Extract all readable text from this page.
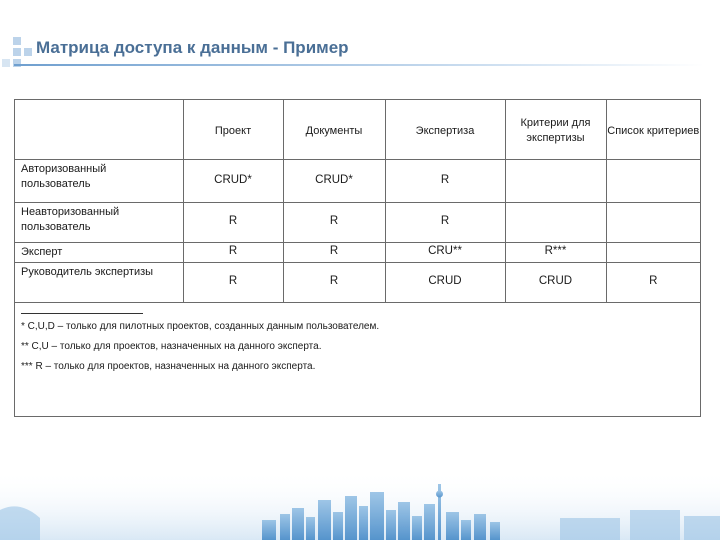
Матрица доступа к данным - Пример
	Проект	Документы	Экспертиза	Критерии для экспертизы	Список критериев
Авторизованный пользователь	CRUD*	CRUD*	R		
Неавторизованный пользователь	R	R	R		
Эксперт	R	R	CRU**	R***	
Руководитель экспертизы	R	R	CRUD	CRUD	R

* C,U,D – только для пилотных проектов, созданных данным пользователем.

** C,U – только для проектов, назначенных на данного эксперта.

*** R – только для проектов, назначенных на данного эксперта.
